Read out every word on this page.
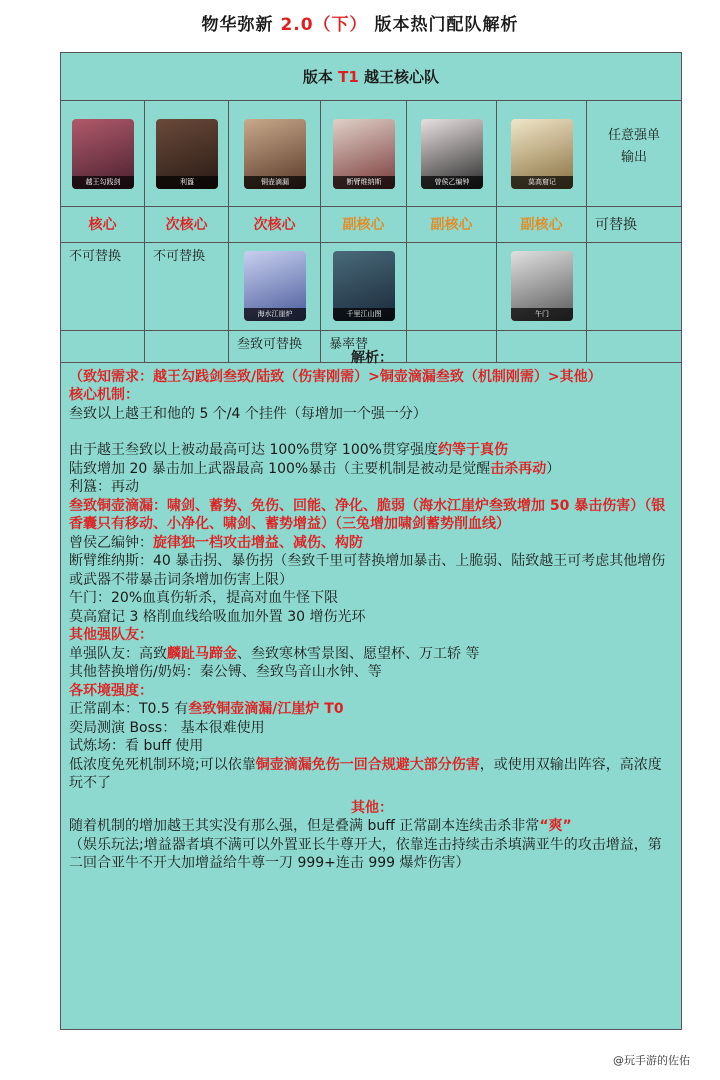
物华弥新 2.0（下） 版本热门配队解析
版本 T1 越王核心队
越王勾践剑
核心
利簋
次核心
铜壶滴漏
次核心
断臂维纳斯
副核心
曾侯乙编钟
副核心
莫高窟记
副核心
任意强单
输出
可替换
不可替换	不可替换
海水江崖炉
叁致可替换
千里江山图
暴率替
午门

解析：

（致知需求：越王勾践剑叁致/陆致（伤害刚需）>铜壶滴漏叁致（机制刚需）>其他）

核心机制：

叁致以上越王和他的 5 个/4 个挂件（每增加一个强一分）

由于越王叁致以上被动最高可达 100%贯穿 100%贯穿强度约等于真伤

陆致增加 20 暴击加上武器最高 100%暴击（主要机制是被动是觉醒击杀再动）

利簋：再动

叁致铜壶滴漏：啸剑、蓄势、免伤、回能、净化、脆弱（海水江崖炉叁致增加 50 暴击伤害）（银香囊只有移动、小净化、啸剑、蓄势增益）（三兔增加啸剑蓄势削血线）

曾侯乙编钟：旋律独一档攻击增益、减伤、构防

断臂维纳斯：40 暴击拐、暴伤拐（叁致千里可替换增加暴击、上脆弱、陆致越王可考虑其他增伤或武器不带暴击词条增加伤害上限）

午门：20%血真伤斩杀，提高对血牛怪下限

莫高窟记 3 格削血线给吸血加外置 30 增伤光环

其他强队友：

单强队友：高致麟趾马蹄金、叁致寒林雪景图、愿望杯、万工轿 等

其他替换增伤/奶妈：秦公镈、叁致鸟音山水钟、等

各环境强度：

正常副本：T0.5 有叁致铜壶滴漏/江崖炉 T0

奕局测演 Boss： 基本很难使用

试炼场：看 buff 使用

低浓度免死机制环境;可以依靠铜壶滴漏免伤一回合规避大部分伤害，或使用双输出阵容，高浓度玩不了

其他：

随着机制的增加越王其实没有那么强，但是叠满 buff 正常副本连续击杀非常“爽”

（娱乐玩法;增益器者填不满可以外置亚长牛尊开大，依靠连击持续击杀填满亚牛的攻击增益，第二回合亚牛不开大加增益给牛尊一刀 999+连击 999 爆炸伤害）

@玩手游的佐佑
